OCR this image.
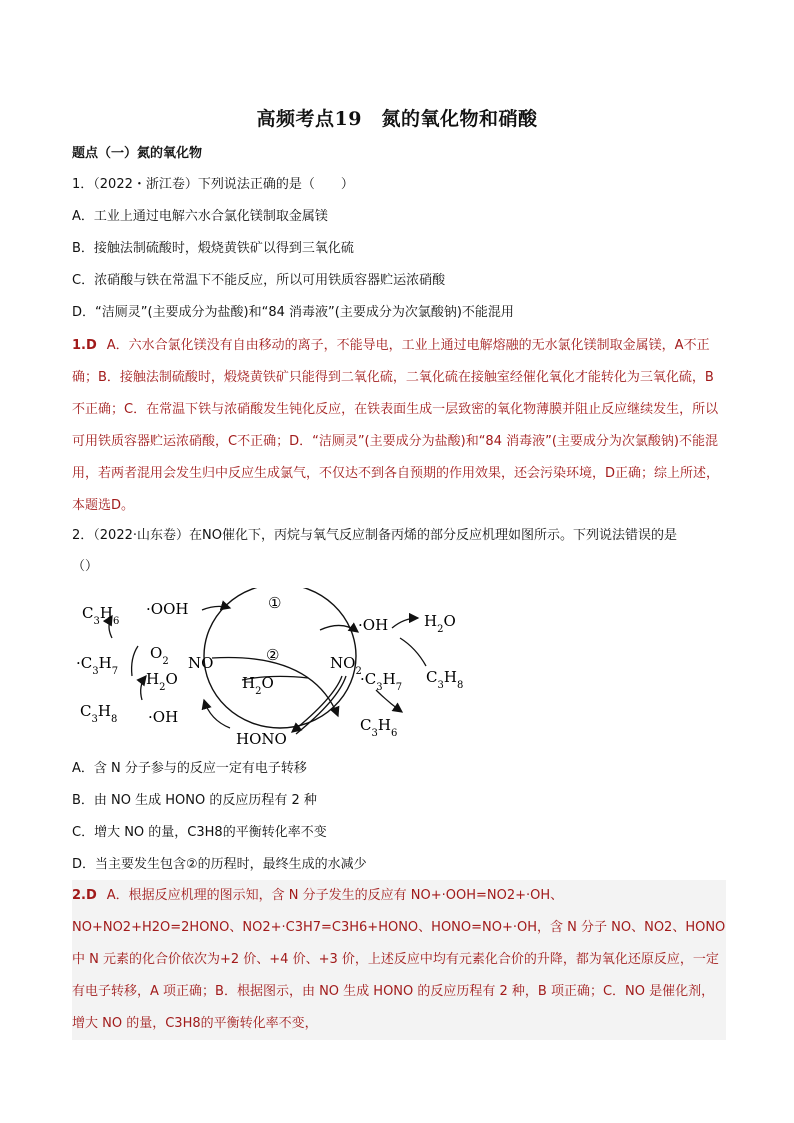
高频考点19　氮的氧化物和硝酸
题点（一）氮的氧化物
1．（2022・浙江卷）下列说法正确的是（　　）
A．工业上通过电解六水合氯化镁制取金属镁
B．接触法制硫酸时，煅烧黄铁矿以得到三氧化硫
C．浓硝酸与铁在常温下不能反应，所以可用铁质容器贮运浓硝酸
D．“洁厕灵”(主要成分为盐酸)和“84 消毒液”(主要成分为次氯酸钠)不能混用
1.D A．六水合氯化镁没有自由移动的离子，不能导电，工业上通过电解熔融的无水氯化镁制取金属镁，A不正确；B．接触法制硫酸时，煅烧黄铁矿只能得到二氧化硫，二氧化硫在接触室经催化氧化才能转化为三氧化硫，B不正确；C．在常温下铁与浓硝酸发生钝化反应，在铁表面生成一层致密的氧化物薄膜并阻止反应继续发生，所以可用铁质容器贮运浓硝酸，C不正确；D．“洁厕灵”(主要成分为盐酸)和“84 消毒液”(主要成分为次氯酸钠)不能混用，若两者混用会发生归中反应生成氯气，不仅达不到各自预期的作用效果，还会污染环境，D正确；综上所述，本题选D。
2．（2022·山东卷）在NO催化下，丙烷与氧气反应制备丙烯的部分反应机理如图所示。下列说法错误的是
（）
$C_3H_6$
·OOH	①
·OH $H_2O$
$\cdot C_3H_7$
$O_2$ NO	②	$NO_2$
$\cdot C_3H_7$
$C_3H_8$
$H_2O$	$H_2O$
$C_3H_8 \cdot OH$	$C_3H_6$
HONO
A．含 N 分子参与的反应一定有电子转移
B．由 NO 生成 HONO 的反应历程有 2 种
C．增大 NO 的量，C3H8的平衡转化率不变
D．当主要发生包含②的历程时，最终生成的水减少
2.D A．根据反应机理的图示知，含 N 分子发生的反应有 NO+·OOH=NO2+·OH、NO+NO2+H2O=2HONO、NO2+·C3H7=C3H6+HONO、HONO=NO+·OH，含 N 分子 NO、NO2、HONO 中 N 元素的化合价依次为+2 价、+4 价、+3 价，上述反应中均有元素化合价的升降，都为氧化还原反应，一定有电子转移，A 项正确；B．根据图示，由 NO 生成 HONO 的反应历程有 2 种，B 项正确；C．NO 是催化剂，增大 NO 的量，C3H8的平衡转化率不变，
